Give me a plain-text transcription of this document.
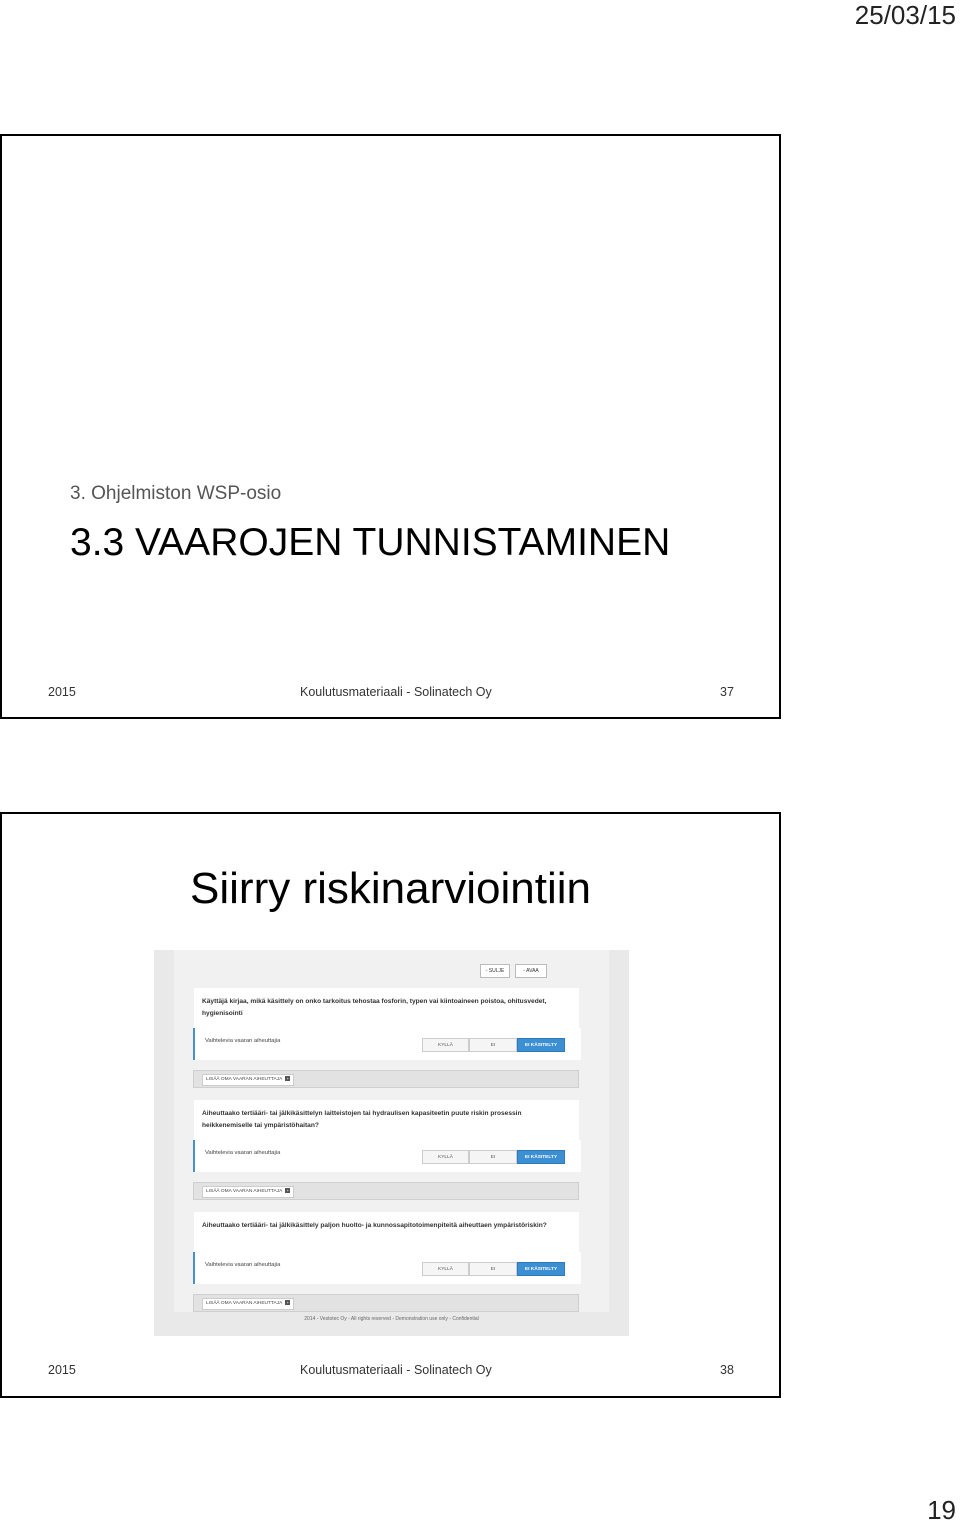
25/03/15
3. Ohjelmiston WSP-osio
3.3 VAAROJEN TUNNISTAMINEN
2015	Koulutusmateriaali - Solinatech Oy	37
Siirry riskinarviointiin
▫ SULJE	▫ AVAA
Käyttäjä kirjaa, mikä käsittely on onko tarkoitus tehostaa fosforin, typen vai kiintoaineen poistoa, ohitusvedet, hygienisointi
Vaihtelevia vaaran aiheuttajia
KYLLÄ	EI	EI KÄSITELTY
LISÄÄ OMA VAARAN AIHEUTTAJA +
Aiheuttaako tertiääri- tai jälkikäsittelyn laitteistojen tai hydraulisen kapasiteetin puute riskin prosessin heikkenemiselle tai ympäristöhaitan?
Vaihtelevia vaaran aiheuttajia
KYLLÄ	EI	EI KÄSITELTY
LISÄÄ OMA VAARAN AIHEUTTAJA +
Aiheuttaako tertiääri- tai jälkikäsittely paljon huolto- ja kunnossapitotoimenpiteitä aiheuttaen ympäristöriskin?
Vaihtelevia vaaran aiheuttajia
KYLLÄ	EI	EI KÄSITELTY
LISÄÄ OMA VAARAN AIHEUTTAJA +
2014 - Vestotec Oy - All rights reserved - Demonstration use only - Confidential
2015	Koulutusmateriaali - Solinatech Oy	38
19
